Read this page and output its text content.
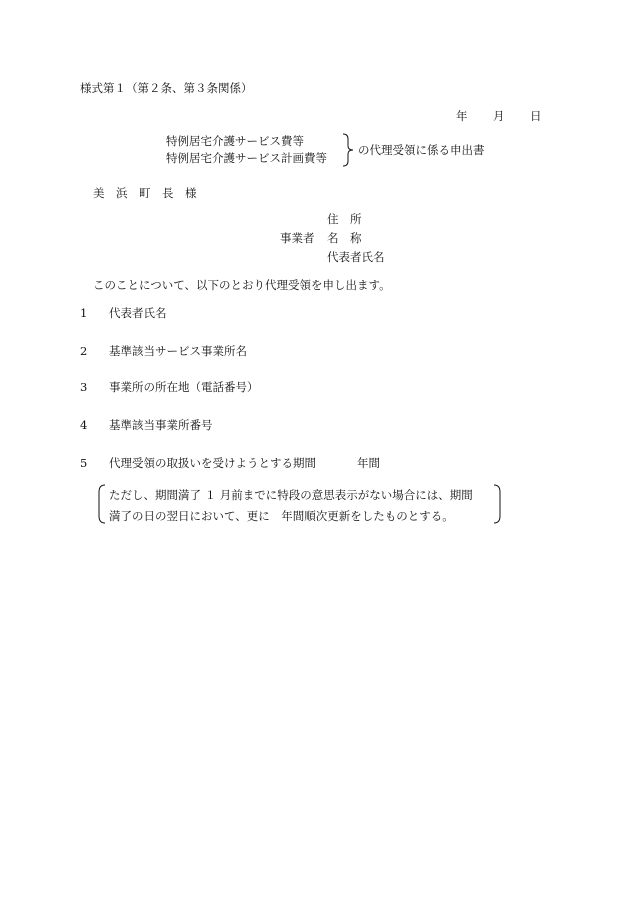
様式第１（第２条、第３条関係）
年 月 日
特例居宅介護サービス費等
特例居宅介護サービス計画費等
の代理受領に係る申出書
美　浜　町　長　様
住　所
事業者 名　称
代表者氏名
このことについて、以下のとおり代理受領を申し出ます。
1 代表者氏名
2 基準該当サービス事業所名
3 事業所の所在地（電話番号）
4 基準該当事業所番号
5 代理受領の取扱いを受けようとする期間	年間
ただし、期間満了 １ 月前までに特段の意思表示がない場合には、期間
満了の日の翌日において、更に　年間順次更新をしたものとする。
